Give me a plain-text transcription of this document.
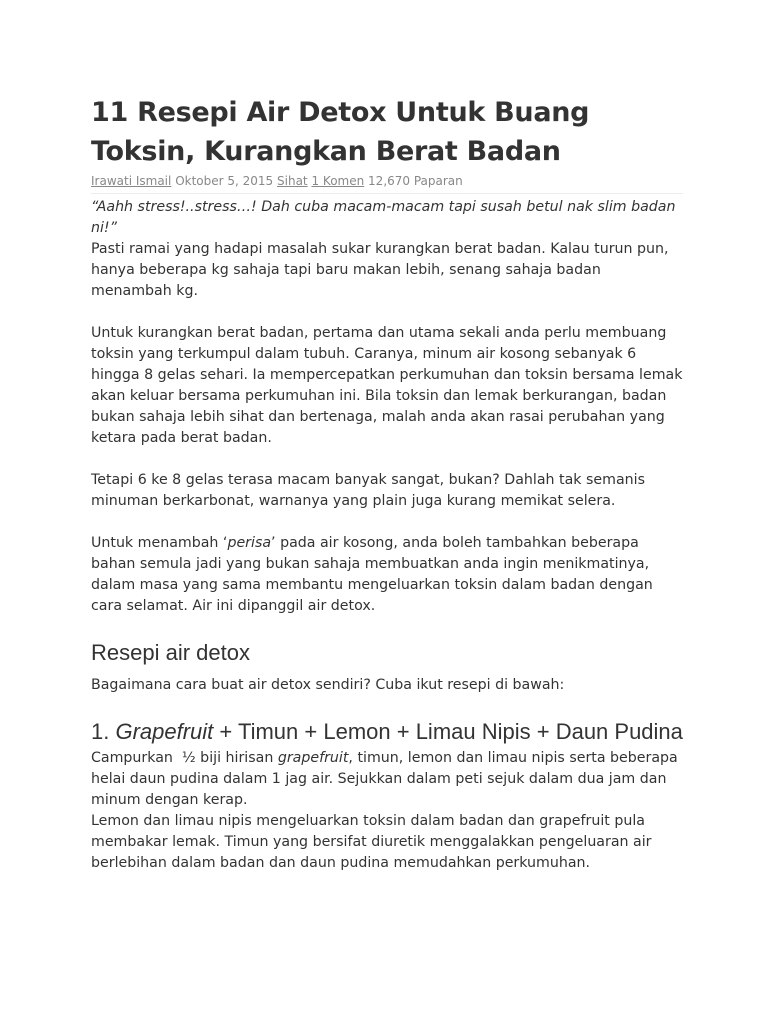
11 Resepi Air Detox Untuk Buang Toksin, Kurangkan Berat Badan
Irawati Ismail Oktober 5, 2015 Sihat 1 Komen 12,670 Paparan

“Aahh stress!..stress…! Dah cuba macam-macam tapi susah betul nak slim badan ni!”

Pasti ramai yang hadapi masalah sukar kurangkan berat badan. Kalau turun pun, hanya beberapa kg sahaja tapi baru makan lebih, senang sahaja badan menambah kg.

Untuk kurangkan berat badan, pertama dan utama sekali anda perlu membuang toksin yang terkumpul dalam tubuh. Caranya, minum air kosong sebanyak 6 hingga 8 gelas sehari. Ia mempercepatkan perkumuhan dan toksin bersama lemak akan keluar bersama perkumuhan ini. Bila toksin dan lemak berkurangan, badan bukan sahaja lebih sihat dan bertenaga, malah anda akan rasai perubahan yang ketara pada berat badan.

Tetapi 6 ke 8 gelas terasa macam banyak sangat, bukan? Dahlah tak semanis minuman berkarbonat, warnanya yang plain juga kurang memikat selera.

Untuk menambah ‘perisa’ pada air kosong, anda boleh tambahkan beberapa bahan semula jadi yang bukan sahaja membuatkan anda ingin menikmatinya, dalam masa yang sama membantu mengeluarkan toksin dalam badan dengan cara selamat. Air ini dipanggil air detox.

Resepi air detox

Bagaimana cara buat air detox sendiri? Cuba ikut resepi di bawah:

1. Grapefruit + Timun + Lemon + Limau Nipis + Daun Pudina

Campurkan  ½ biji hirisan grapefruit, timun, lemon dan limau nipis serta beberapa helai daun pudina dalam 1 jag air. Sejukkan dalam peti sejuk dalam dua jam dan minum dengan kerap.

Lemon dan limau nipis mengeluarkan toksin dalam badan dan grapefruit pula membakar lemak. Timun yang bersifat diuretik menggalakkan pengeluaran air berlebihan dalam badan dan daun pudina memudahkan perkumuhan.
